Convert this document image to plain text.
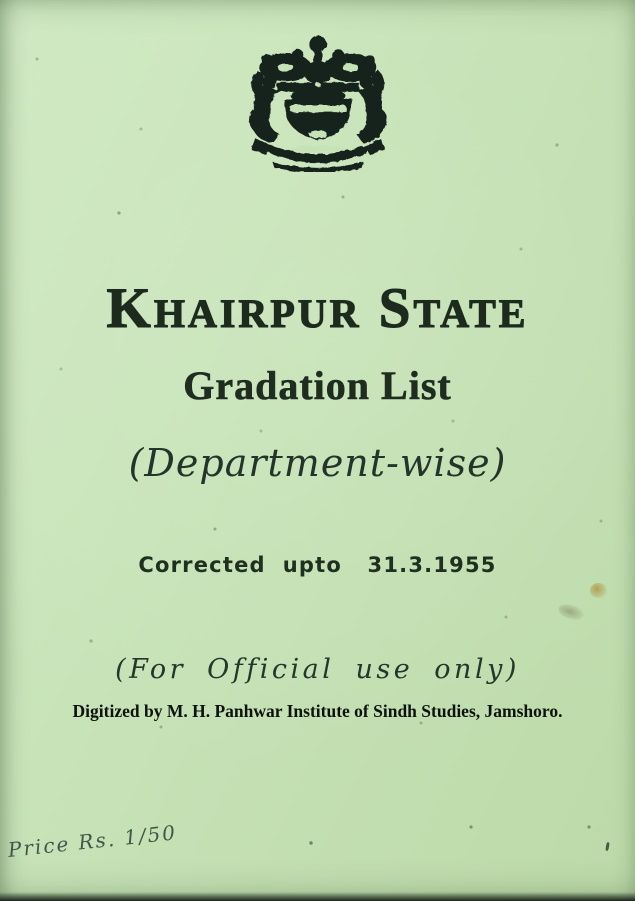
Khairpur State
Gradation List
(Department-wise)
Corrected  upto   31.3.1955
(For Official use only)
Digitized by M. H. Panhwar Institute of Sindh Studies, Jamshoro.
Price Rs. 1/50
